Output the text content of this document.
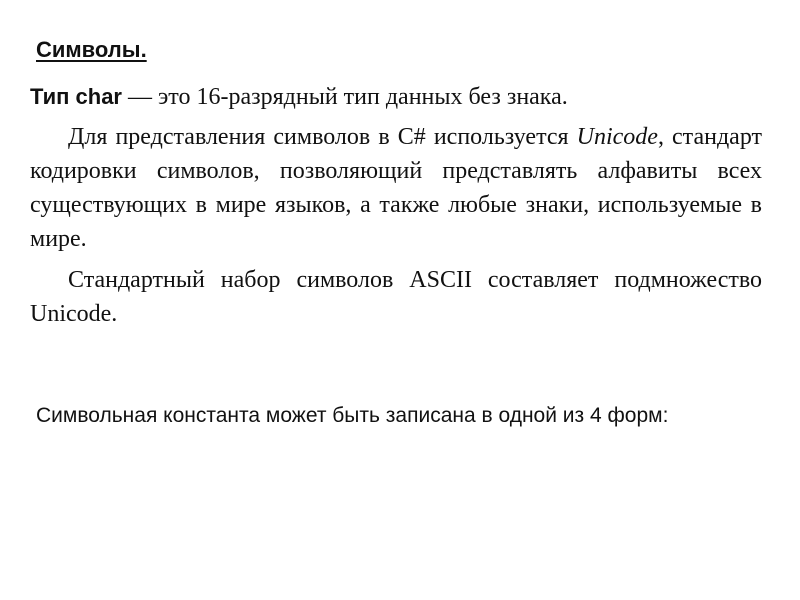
Символы.

Тип char — это 16-разрядный тип данных без знака.

Для представления символов в С# используется Unicode, стандарт кодировки символов, позволяющий представлять алфавиты всех существующих в мире языков, а также любые знаки, используемые в мире.

Стандартный набор символов ASCII составляет подмножество Unicode.

Символьная константа может быть записана в одной из 4 форм:
